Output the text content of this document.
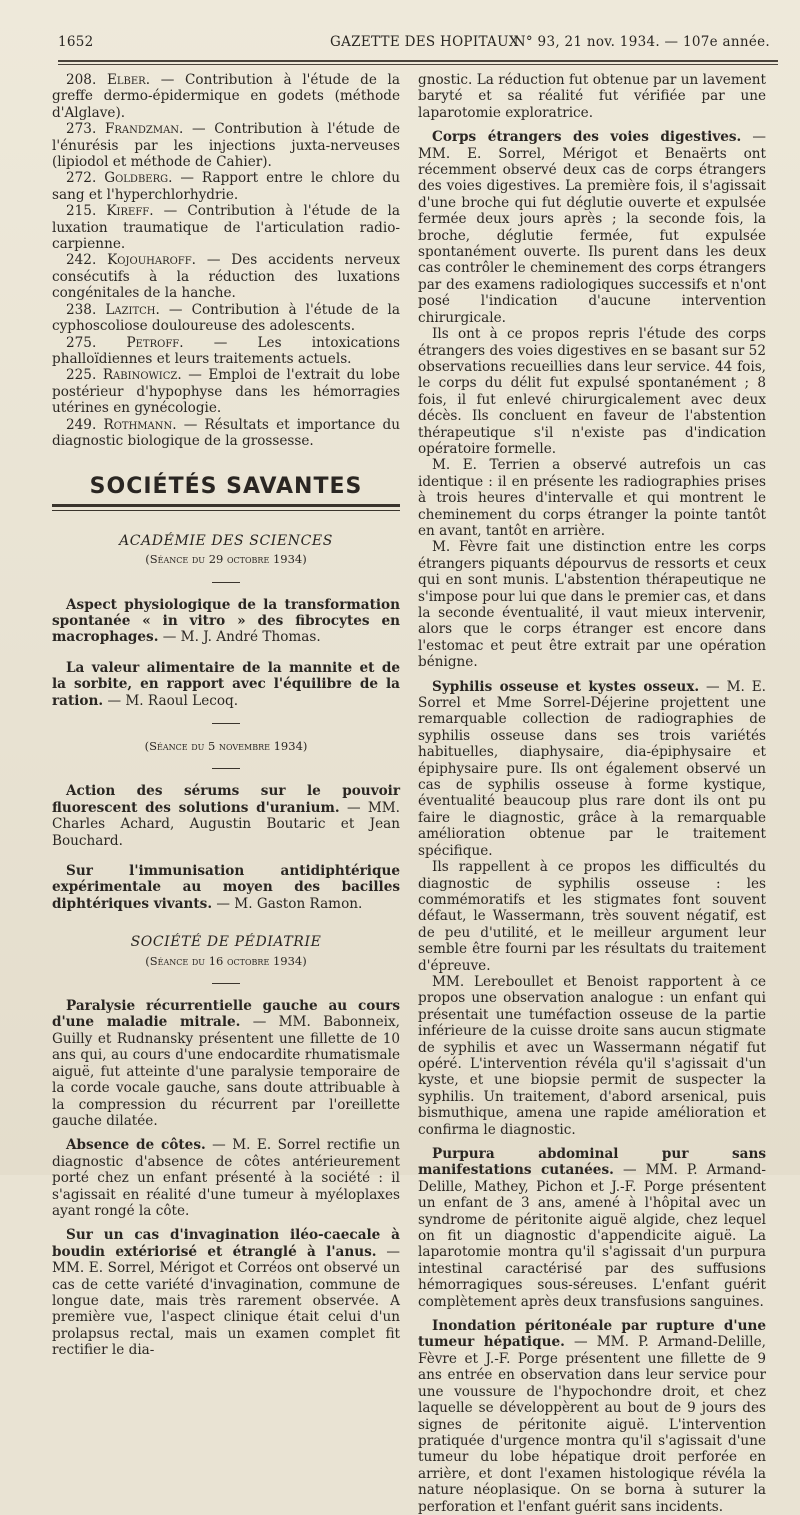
1652	GAZETTE DES HOPITAUX
N° 93, 21 nov. 1934. — 107e année.

208. Elber. — Contribution à l'étude de la greffe dermo-épidermique en godets (méthode d'Alglave).

273. Frandzman. — Contribution à l'étude de l'énurésis par les injections juxta-nerveuses (lipiodol et méthode de Cahier).

272. Goldberg. — Rapport entre le chlore du sang et l'hyperchlorhydrie.

215. Kireff. — Contribution à l'étude de la luxation traumatique de l'articulation radio-carpienne.

242. Kojouharoff. — Des accidents nerveux consécutifs à la réduction des luxations congénitales de la hanche.

238. Lazitch. — Contribution à l'étude de la cyphoscoliose douloureuse des adolescents.

275. Petroff. — Les intoxications phalloïdiennes et leurs traitements actuels.

225. Rabinowicz. — Emploi de l'extrait du lobe postérieur d'hypophyse dans les hémorragies utérines en gynécologie.

249. Rothmann. — Résultats et importance du diagnostic biologique de la grossesse.

SOCIÉTÉS SAVANTES
ACADÉMIE DES SCIENCES
(Séance du 29 octobre 1934)

Aspect physiologique de la transformation spontanée « in vitro » des fibrocytes en macrophages. — M. J. André Thomas.

La valeur alimentaire de la mannite et de la sorbite, en rapport avec l'équilibre de la ration. — M. Raoul Lecoq.

(Séance du 5 novembre 1934)

Action des sérums sur le pouvoir fluorescent des solutions d'uranium. — MM. Charles Achard, Augustin Boutaric et Jean Bouchard.

Sur l'immunisation antidiphtérique expérimentale au moyen des bacilles diphtériques vivants. — M. Gaston Ramon.

SOCIÉTÉ DE PÉDIATRIE
(Séance du 16 octobre 1934)

Paralysie récurrentielle gauche au cours d'une maladie mitrale. — MM. Babonneix, Guilly et Rudnansky présentent une fillette de 10 ans qui, au cours d'une endocardite rhumatismale aiguë, fut atteinte d'une paralysie temporaire de la corde vocale gauche, sans doute attribuable à la compression du récurrent par l'oreillette gauche dilatée.

Absence de côtes. — M. E. Sorrel rectifie un diagnostic d'absence de côtes antérieurement porté chez un enfant présenté à la société : il s'agissait en réalité d'une tumeur à myéloplaxes ayant rongé la côte.

Sur un cas d'invagination iléo-caecale à boudin extériorisé et étranglé à l'anus. — MM. E. Sorrel, Mérigot et Corréos ont observé un cas de cette variété d'invagination, commune de longue date, mais très rarement observée. A première vue, l'aspect clinique était celui d'un prolapsus rectal, mais un examen complet fit rectifier le dia-

gnostic. La réduction fut obtenue par un lavement baryté et sa réalité fut vérifiée par une laparotomie exploratrice.

Corps étrangers des voies digestives. — MM. E. Sorrel, Mérigot et Benaërts ont récemment observé deux cas de corps étrangers des voies digestives. La première fois, il s'agissait d'une broche qui fut déglutie ouverte et expulsée fermée deux jours après ; la seconde fois, la broche, déglutie fermée, fut expulsée spontanément ouverte. Ils purent dans les deux cas contrôler le cheminement des corps étrangers par des examens radiologiques successifs et n'ont posé l'indication d'aucune intervention chirurgicale.

Ils ont à ce propos repris l'étude des corps étrangers des voies digestives en se basant sur 52 observations recueillies dans leur service. 44 fois, le corps du délit fut expulsé spontanément ; 8 fois, il fut enlevé chirurgicalement avec deux décès. Ils concluent en faveur de l'abstention thérapeutique s'il n'existe pas d'indication opératoire formelle.

M. E. Terrien a observé autrefois un cas identique : il en présente les radiographies prises à trois heures d'intervalle et qui montrent le cheminement du corps étranger la pointe tantôt en avant, tantôt en arrière.

M. Fèvre fait une distinction entre les corps étrangers piquants dépourvus de ressorts et ceux qui en sont munis. L'abstention thérapeutique ne s'impose pour lui que dans le premier cas, et dans la seconde éventualité, il vaut mieux intervenir, alors que le corps étranger est encore dans l'estomac et peut être extrait par une opération bénigne.

Syphilis osseuse et kystes osseux. — M. E. Sorrel et Mme Sorrel-Déjerine projettent une remarquable collection de radiographies de syphilis osseuse dans ses trois variétés habituelles, diaphysaire, dia-épiphysaire et épiphysaire pure. Ils ont également observé un cas de syphilis osseuse à forme kystique, éventualité beaucoup plus rare dont ils ont pu faire le diagnostic, grâce à la remarquable amélioration obtenue par le traitement spécifique.

Ils rappellent à ce propos les difficultés du diagnostic de syphilis osseuse : les commémoratifs et les stigmates font souvent défaut, le Wassermann, très souvent négatif, est de peu d'utilité, et le meilleur argument leur semble être fourni par les résultats du traitement d'épreuve.

MM. Lereboullet et Benoist rapportent à ce propos une observation analogue : un enfant qui présentait une tuméfaction osseuse de la partie inférieure de la cuisse droite sans aucun stigmate de syphilis et avec un Wassermann négatif fut opéré. L'intervention révéla qu'il s'agissait d'un kyste, et une biopsie permit de suspecter la syphilis. Un traitement, d'abord arsenical, puis bismuthique, amena une rapide amélioration et confirma le diagnostic.

Purpura abdominal pur sans manifestations cutanées. — MM. P. Armand-Delille, Mathey, Pichon et J.-F. Porge présentent un enfant de 3 ans, amené à l'hôpital avec un syndrome de péritonite aiguë algide, chez lequel on fit un diagnostic d'appendicite aiguë. La laparotomie montra qu'il s'agissait d'un purpura intestinal caractérisé par des suffusions hémorragiques sous-séreuses. L'enfant guérit complètement après deux transfusions sanguines.

Inondation péritonéale par rupture d'une tumeur hépatique. — MM. P. Armand-Delille, Fèvre et J.-F. Porge présentent une fillette de 9 ans entrée en observation dans leur service pour une voussure de l'hypochondre droit, et chez laquelle se développèrent au bout de 9 jours des signes de péritonite aiguë. L'intervention pratiquée d'urgence montra qu'il s'agissait d'une tumeur du lobe hépatique droit perforée en arrière, et dont l'examen histologique révéla la nature néoplasique. On se borna à suturer la perforation et l'enfant guérit sans incidents.
